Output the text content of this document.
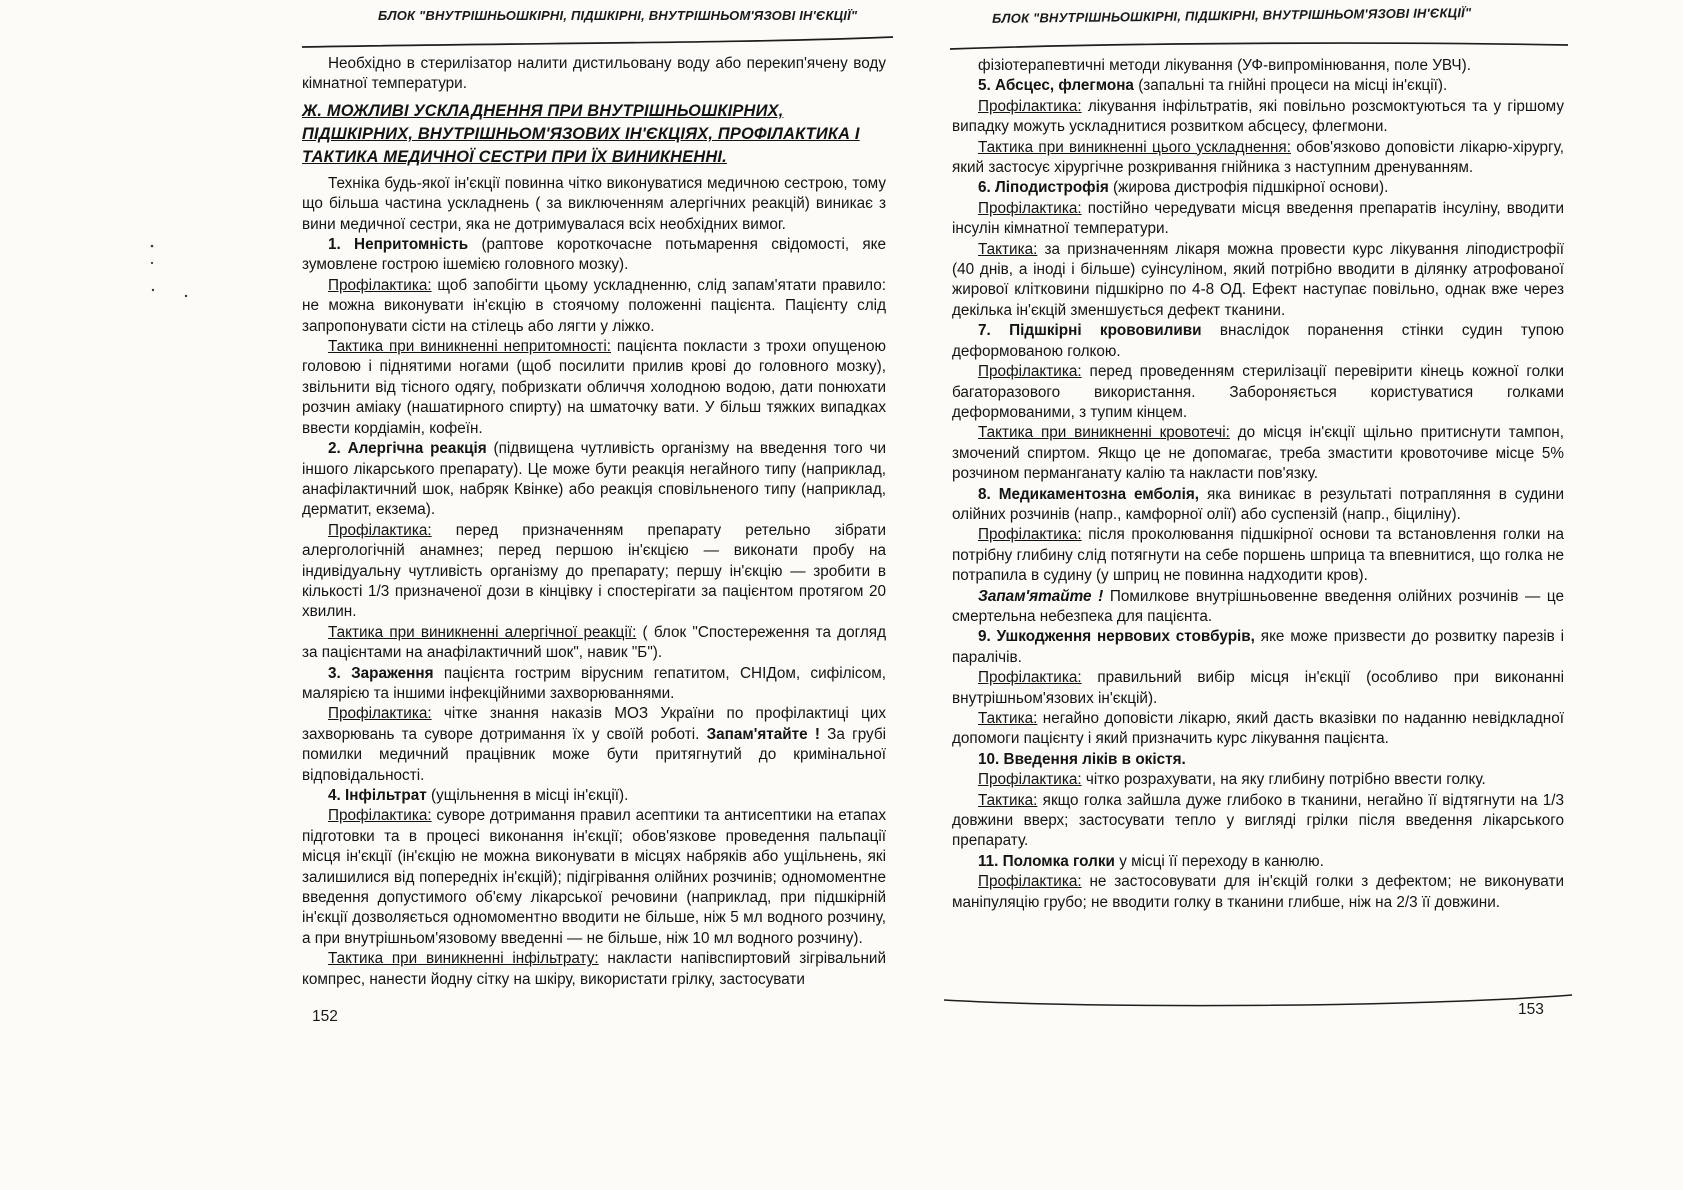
БЛОК "ВНУТРІШНЬОШКІРНІ, ПІДШКІРНІ, ВНУТРІШНЬОМ'ЯЗОВІ ІН'ЄКЦІЇ"	БЛОК "ВНУТРІШНЬОШКІРНІ, ПІДШКІРНІ, ВНУТРІШНЬОМ'ЯЗОВІ ІН'ЄКЦІЇ"

Необхідно в стерилізатор налити дистильовану воду або перекип'ячену воду кімнатної температури.

Ж. МОЖЛИВІ УСКЛАДНЕННЯ ПРИ ВНУТРІШНЬОШКІРНИХ, ПІДШКІРНИХ, ВНУТРІШНЬОМ'ЯЗОВИХ ІН'ЄКЦІЯХ, ПРОФІЛАКТИКА І ТАКТИКА МЕДИЧНОЇ СЕСТРИ ПРИ ЇХ ВИНИКНЕННІ.

Техніка будь-якої ін'єкції повинна чітко виконуватися медичною сестрою, тому що більша частина ускладнень ( за виключенням алергічних реакцій) виникає з вини медичної сестри, яка не дотримувалася всіх необхідних вимог.

1. Непритомність (раптове короткочасне потьмарення свідомості, яке зумовлене гострою ішемією головного мозку).

Профілактика: щоб запобігти цьому ускладненню, слід запам'ятати правило: не можна виконувати ін'єкцію в стоячому положенні пацієнта. Пацієнту слід запропонувати сісти на стілець або лягти у ліжко.

Тактика при виникненні непритомності: пацієнта покласти з трохи опущеною головою і піднятими ногами (щоб посилити прилив крові до головного мозку), звільнити від тісного одягу, побризкати обличчя холодною водою, дати понюхати розчин аміаку (нашатирного спирту) на шматочку вати. У більш тяжких випадках ввести кордіамін, кофеїн.

2. Алергічна реакція (підвищена чутливість організму на введення того чи іншого лікарського препарату). Це може бути реакція негайного типу (наприклад, анафілактичний шок, набряк Квінке) або реакція сповільненого типу (наприклад, дерматит, екзема).

Профілактика: перед призначенням препарату ретельно зібрати алергологічній анамнез; перед першою ін'єкцією — виконати пробу на індивідуальну чутливість організму до препарату; першу ін'єкцію — зробити в кількості 1/3 призначеної дози в кінцівку і спостерігати за пацієнтом протягом 20 хвилин.

Тактика при виникненні алергічної реакції: ( блок "Спостереження та догляд за пацієнтами на анафілактичний шок", навик "Б").

3. Зараження пацієнта гострим вірусним гепатитом, СНІДом, сифілісом, малярією та іншими інфекційними захворюваннями.

Профілактика: чітке знання наказів МОЗ України по профілактиці цих захворювань та суворе дотримання їх у своїй роботі. Запам'ятайте ! За грубі помилки медичний працівник може бути притягнутий до кримінальної відповідальності.

4. Інфільтрат (ущільнення в місці ін'єкції).

Профілактика: суворе дотримання правил асептики та антисептики на етапах підготовки та в процесі виконання ін'єкції; обов'язкове проведення пальпації місця ін'єкції (ін'єкцію не можна виконувати в місцях набряків або ущільнень, які залишилися від попередніх ін'єкцій); підігрівання олійних розчинів; одномоментне введення допустимого об'єму лікарської речовини (наприклад, при підшкірній ін'єкції дозволяється одномоментно вводити не більше, ніж 5 мл водного розчину, а при внутрішньом'язовому введенні — не більше, ніж 10 мл водного розчину).

Тактика при виникненні інфільтрату: накласти напівспиртовий зігрівальний компрес, нанести йодну сітку на шкіру, використати грілку, застосувати

фізіотерапевтичні методи лікування (УФ-випромінювання, поле УВЧ).

5. Абсцес, флегмона (запальні та гнійні процеси на місці ін'єкції).

Профілактика: лікування інфільтратів, які повільно розсмоктуються та у гіршому випадку можуть ускладнитися розвитком абсцесу, флегмони.

Тактика при виникненні цього ускладнення: обов'язково доповісти лікарю-хірургу, який застосує хірургічне розкривання гнійника з наступним дренуванням.

6. Ліподистрофія (жирова дистрофія підшкірної основи).

Профілактика: постійно чередувати місця введення препаратів інсуліну, вводити інсулін кімнатної температури.

Тактика: за призначенням лікаря можна провести курс лікування ліподистрофії (40 днів, а іноді і більше) суінсуліном, який потрібно вводити в ділянку атрофованої жирової клітковини підшкірно по 4-8 ОД. Ефект наступає повільно, однак вже через декілька ін'єкцій зменшується дефект тканини.

7. Підшкірні крововиливи внаслідок поранення стінки судин тупою деформованою голкою.

Профілактика: перед проведенням стерилізації перевірити кінець кожної голки багаторазового використання. Забороняється користуватися голками деформованими, з тупим кінцем.

Тактика при виникненні кровотечі: до місця ін'єкції щільно притиснути тампон, змочений спиртом. Якщо це не допомагає, треба змастити кровоточиве місце 5% розчином перманганату калію та накласти пов'язку.

8. Медикаментозна емболія, яка виникає в результаті потрапляння в судини олійних розчинів (напр., камфорної олії) або суспензій (напр., біциліну).

Профілактика: після проколювання підшкірної основи та встановлення голки на потрібну глибину слід потягнути на себе поршень шприца та впевнитися, що голка не потрапила в судину (у шприц не повинна надходити кров).

Запам'ятайте ! Помилкове внутрішньовенне введення олійних розчинів — це смертельна небезпека для пацієнта.

9. Ушкодження нервових стовбурів, яке може призвести до розвитку парезів і паралічів.

Профілактика: правильний вибір місця ін'єкції (особливо при виконанні внутрішньом'язових ін'єкцій).

Тактика: негайно доповісти лікарю, який дасть вказівки по наданню невідкладної допомоги пацієнту і який призначить курс лікування пацієнта.

10. Введення ліків в окістя.

Профілактика: чітко розрахувати, на яку глибину потрібно ввести голку.

Тактика: якщо голка зайшла дуже глибоко в тканини, негайно її відтягнути на 1/3 довжини вверх; застосувати тепло у вигляді грілки після введення лікарського препарату.

11. Поломка голки у місці її переходу в канюлю.

Профілактика: не застосовувати для ін'єкцій голки з дефектом; не виконувати маніпуляцію грубо; не вводити голку в тканини глибше, ніж на 2/3 її довжини.

152	153
